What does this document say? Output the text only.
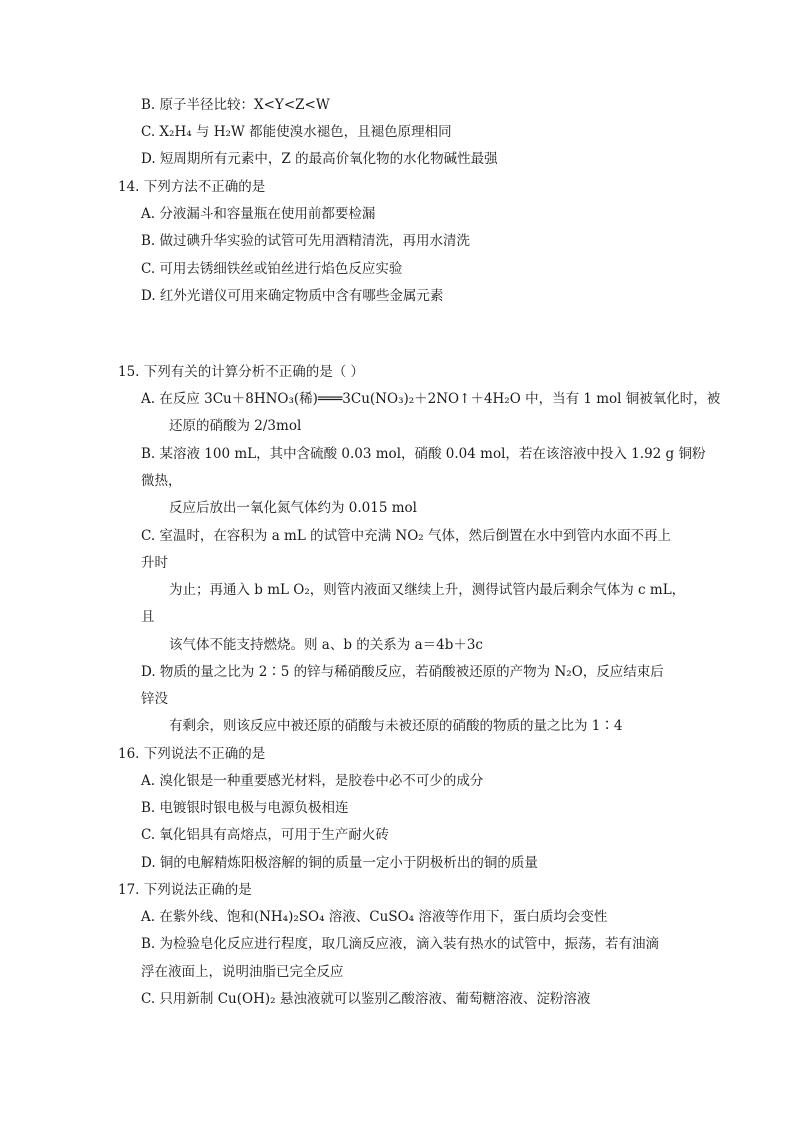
B. 原子半径比较：X<Y<Z<W
C. X₂H₄ 与 H₂W 都能使溴水褪色，且褪色原理相同
D. 短周期所有元素中，Z 的最高价氧化物的水化物碱性最强
14. 下列方法不正确的是
A. 分液漏斗和容量瓶在使用前都要检漏
B. 做过碘升华实验的试管可先用酒精清洗，再用水清洗
C. 可用去锈细铁丝或铂丝进行焰色反应实验
D. 红外光谱仪可用来确定物质中含有哪些金属元素
15. 下列有关的计算分析不正确的是（ ）
A. 在反应 3Cu＋8HNO₃(稀)═══3Cu(NO₃)₂＋2NO↑＋4H₂O 中，当有 1 mol 铜被氧化时，被
还原的硝酸为 2/3mol
B. 某溶液 100 mL，其中含硫酸 0.03 mol，硝酸 0.04 mol，若在该溶液中投入 1.92 g 铜粉
微热，
反应后放出一氧化氮气体约为 0.015 mol
C. 室温时，在容积为 a mL 的试管中充满 NO₂ 气体，然后倒置在水中到管内水面不再上
升时
为止；再通入 b mL O₂，则管内液面又继续上升，测得试管内最后剩余气体为 c mL，
且
该气体不能支持燃烧。则 a、b 的关系为 a＝4b＋3c
D. 物质的量之比为 2∶5 的锌与稀硝酸反应，若硝酸被还原的产物为 N₂O，反应结束后
锌没
有剩余，则该反应中被还原的硝酸与未被还原的硝酸的物质的量之比为 1∶4
16. 下列说法不正确的是
A. 溴化银是一种重要感光材料，是胶卷中必不可少的成分
B. 电镀银时银电极与电源负极相连
C. 氧化铝具有高熔点，可用于生产耐火砖
D. 铜的电解精炼阳极溶解的铜的质量一定小于阴极析出的铜的质量
17. 下列说法正确的是
A. 在紫外线、饱和(NH₄)₂SO₄ 溶液、CuSO₄ 溶液等作用下，蛋白质均会变性
B. 为检验皂化反应进行程度，取几滴反应液，滴入装有热水的试管中，振荡，若有油滴
浮在液面上，说明油脂已完全反应
C. 只用新制 Cu(OH)₂ 悬浊液就可以鉴别乙酸溶液、葡萄糖溶液、淀粉溶液
